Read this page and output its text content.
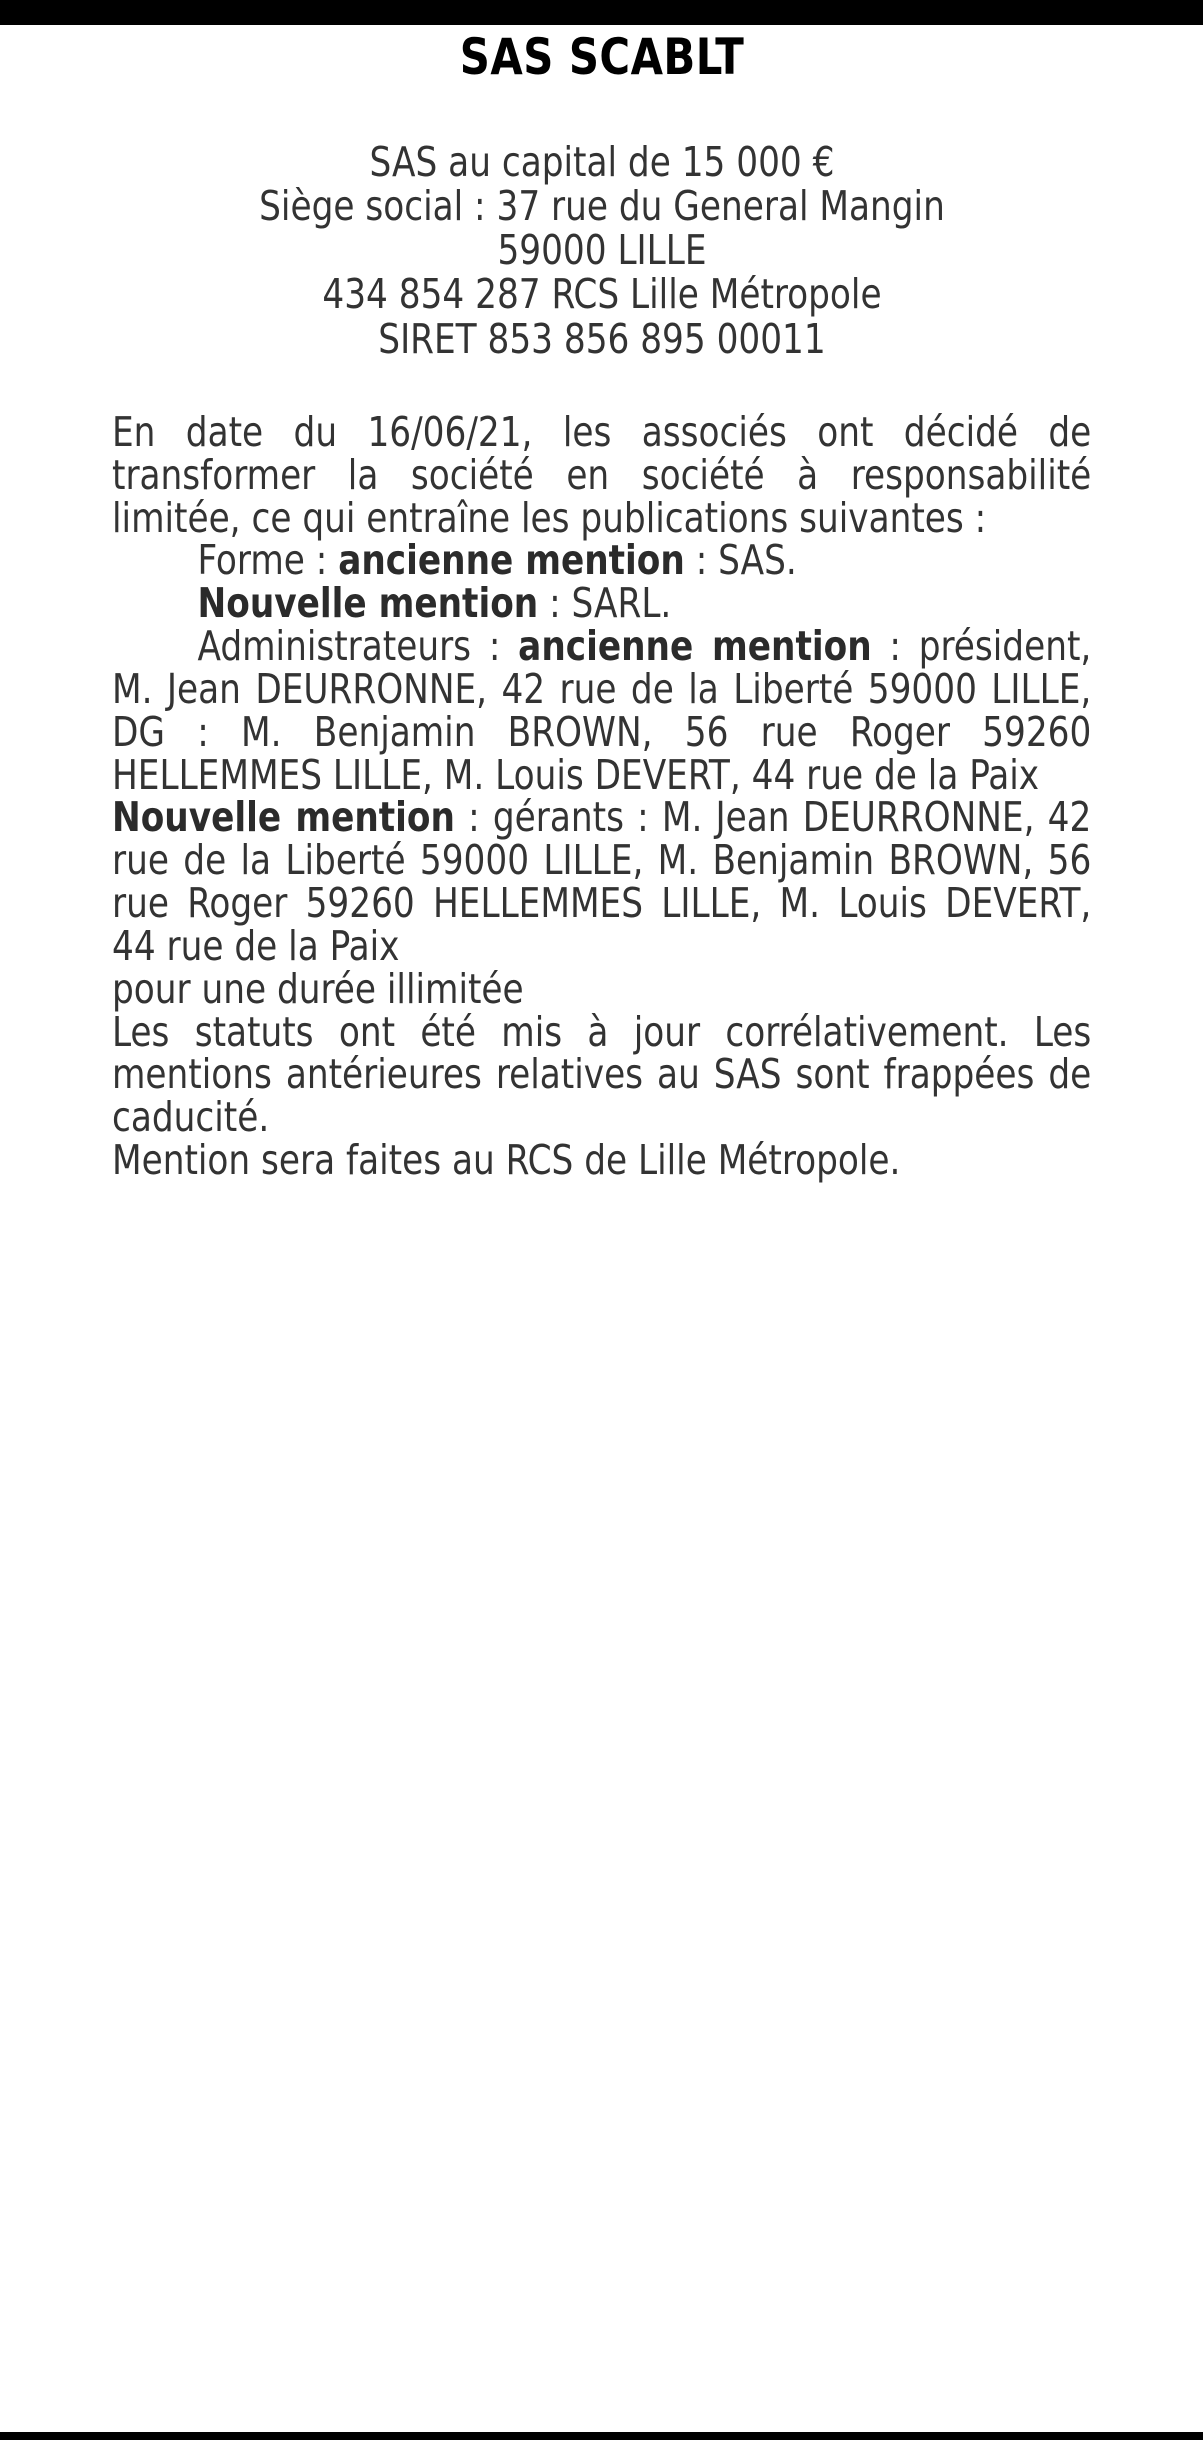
SAS SCABLT
SAS au capital de 15 000 €
Siège social : 37 rue du General Mangin
59000 LILLE
434 854 287 RCS Lille Métropole
SIRET 853 856 895 00011

En date du 16/06/21, les associés ont décidé de transformer la société en société à responsabilité limitée, ce qui entraîne les publications suivantes :

Forme : ancienne mention : SAS.

Nouvelle mention : SARL.

Administrateurs : ancienne mention : président, M. Jean DEURRONNE, 42 rue de la Liberté 59000 LILLE, DG : M. Benjamin BROWN, 56 rue Roger 59260 HELLEMMES LILLE, M. Louis DEVERT, 44 rue de la Paix

Nouvelle mention : gérants : M. Jean DEURRONNE, 42 rue de la Liberté 59000 LILLE, M. Benjamin BROWN, 56 rue Roger 59260 HELLEMMES LILLE, M. Louis DEVERT, 44 rue de la Paix

pour une durée illimitée

Les statuts ont été mis à jour corrélativement. Les mentions antérieures relatives au SAS sont frappées de caducité.

Mention sera faites au RCS de Lille Métropole.
